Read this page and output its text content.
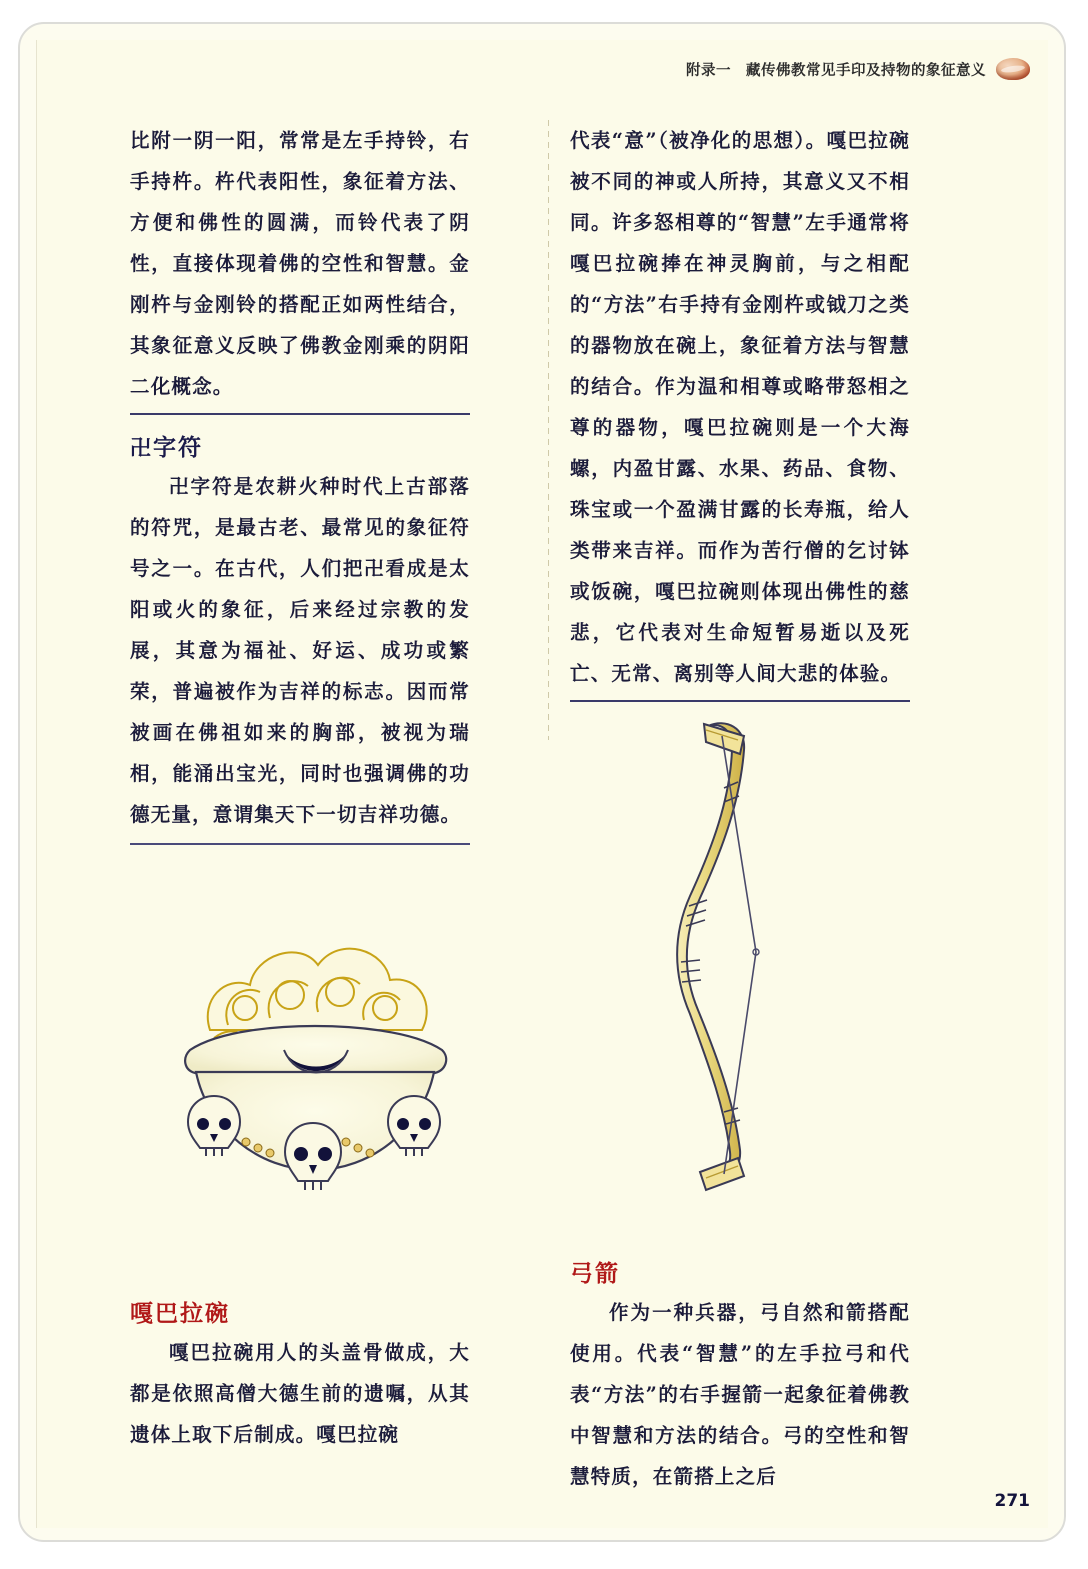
附录一　藏传佛教常见手印及持物的象征意义
比附一阴一阳，常常是左手持铃，右手持杵。杵代表阳性，象征着方法、方便和佛性的圆满，而铃代表了阴性，直接体现着佛的空性和智慧。金刚杵与金刚铃的搭配正如两性结合，其象征意义反映了佛教金刚乘的阴阳二化概念。
卍字符
卍字符是农耕火种时代上古部落的符咒，是最古老、最常见的象征符号之一。在古代，人们把卍看成是太阳或火的象征，后来经过宗教的发展，其意为福祉、好运、成功或繁荣，普遍被作为吉祥的标志。因而常被画在佛祖如来的胸部，被视为瑞相，能涌出宝光，同时也强调佛的功德无量，意谓集天下一切吉祥功德。
嘎巴拉碗
嘎巴拉碗用人的头盖骨做成，大都是依照高僧大德生前的遗嘱，从其遗体上取下后制成。嘎巴拉碗
代表“意”（被净化的思想）。嘎巴拉碗被不同的神或人所持，其意义又不相同。许多怒相尊的“智慧”左手通常将嘎巴拉碗捧在神灵胸前，与之相配的“方法”右手持有金刚杵或钺刀之类的器物放在碗上，象征着方法与智慧的结合。作为温和相尊或略带怒相之尊的器物，嘎巴拉碗则是一个大海螺，内盈甘露、水果、药品、食物、珠宝或一个盈满甘露的长寿瓶，给人类带来吉祥。而作为苦行僧的乞讨钵或饭碗，嘎巴拉碗则体现出佛性的慈悲，它代表对生命短暂易逝以及死亡、无常、离别等人间大悲的体验。
弓箭
作为一种兵器，弓自然和箭搭配使用。代表“智慧”的左手拉弓和代表“方法”的右手握箭一起象征着佛教中智慧和方法的结合。弓的空性和智慧特质，在箭搭上之后
271
